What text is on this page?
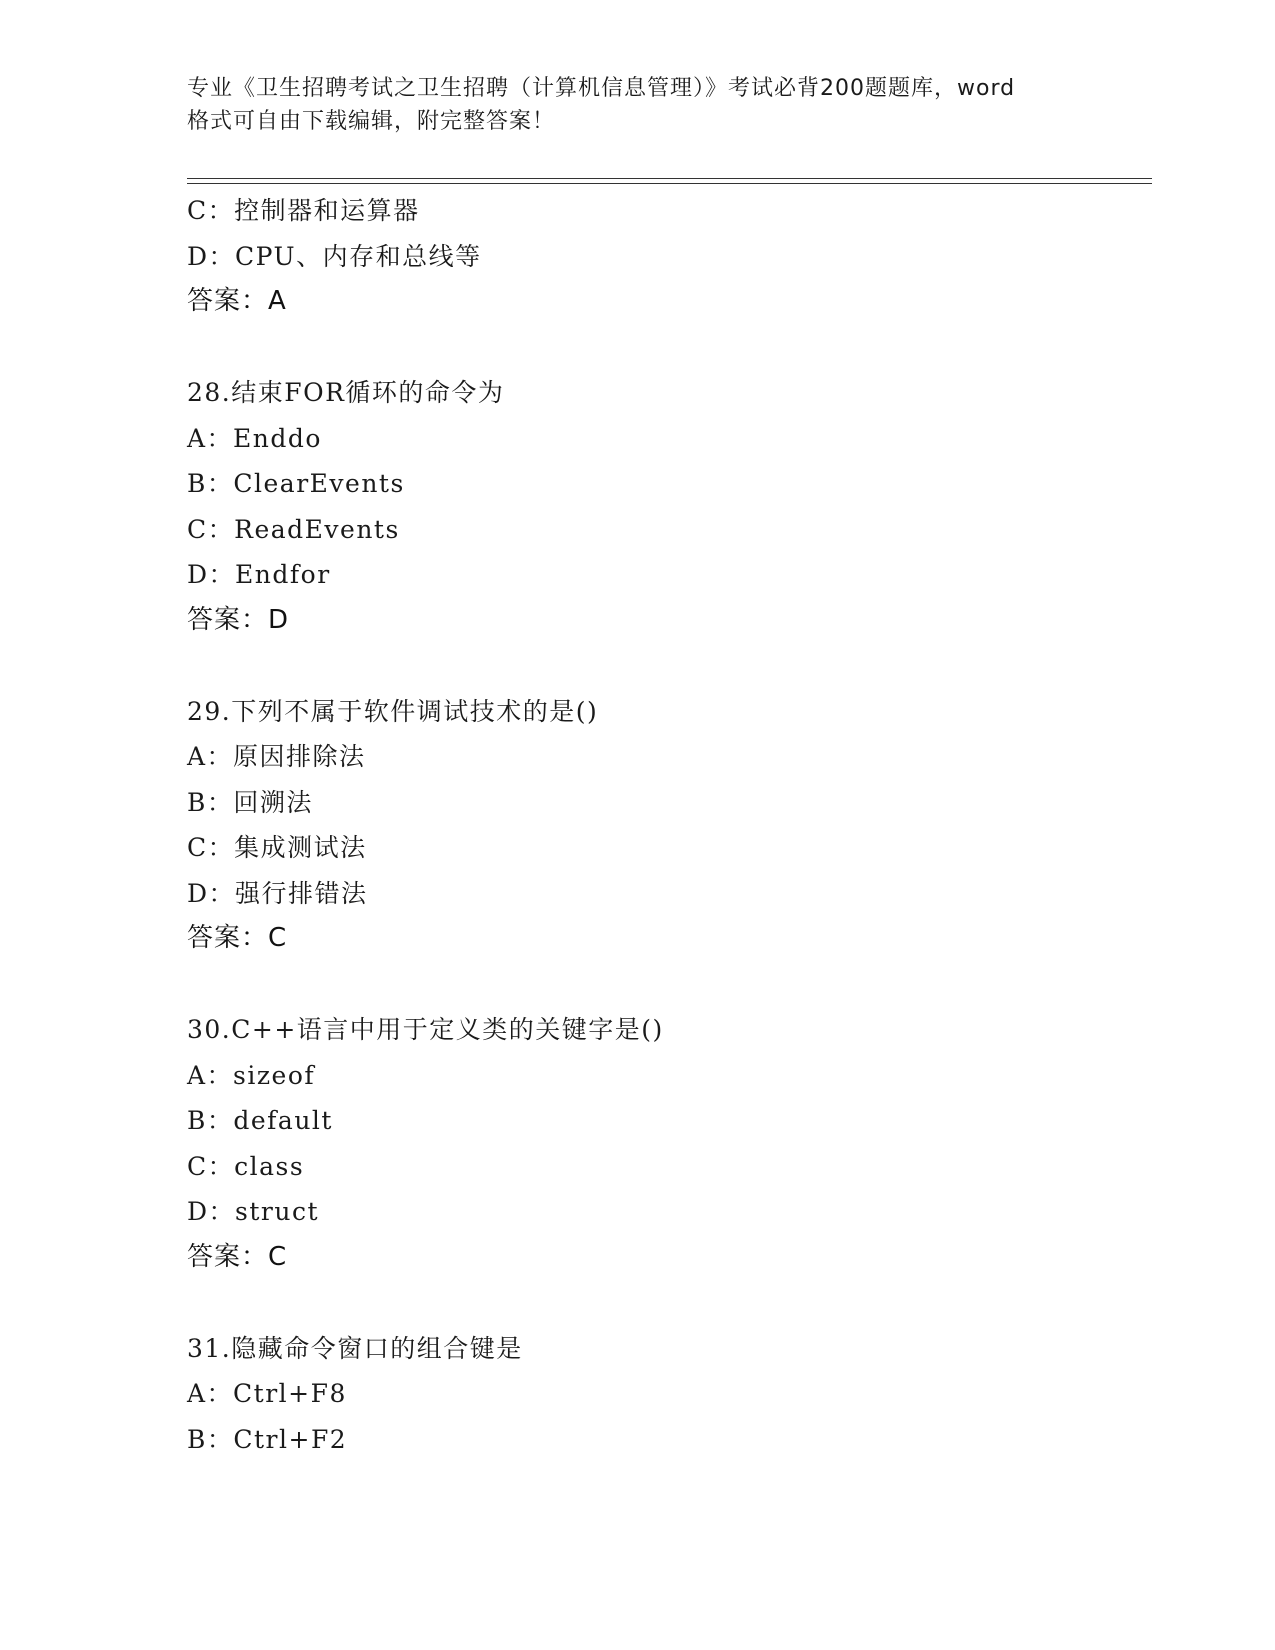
专业《卫生招聘考试之卫生招聘（计算机信息管理）》考试必背200题题库，word
格式可自由下载编辑，附完整答案！
C：控制器和运算器
D：CPU、内存和总线等
答案：A
28.结束FOR循环的命令为
A：Enddo
B：ClearEvents
C：ReadEvents
D：Endfor
答案：D
29.下列不属于软件调试技术的是()
A：原因排除法
B：回溯法
C：集成测试法
D：强行排错法
答案：C
30.C++语言中用于定义类的关键字是()
A：sizeof
B：default
C：class
D：struct
答案：C
31.隐藏命令窗口的组合键是
A：Ctrl+F8
B：Ctrl+F2
